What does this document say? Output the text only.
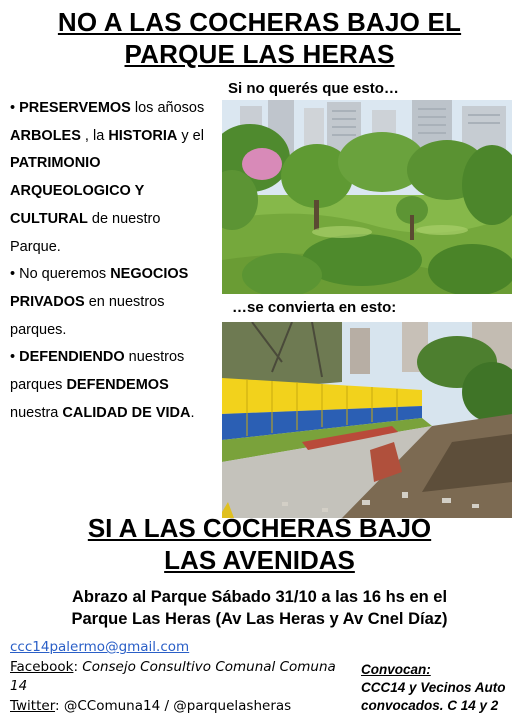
NO A LAS COCHERAS BAJO EL
PARQUE LAS HERAS
Si no querés que esto…
…se convierta en esto:

• PRESERVEMOS los añosos ARBOLES , la HISTORIA y el PATRIMONIO ARQUEOLOGICO Y CULTURAL de nuestro Parque.

• No queremos NEGOCIOS PRIVADOS en nuestros parques.

• DEFENDIENDO nuestros parques DEFENDEMOS nuestra CALIDAD DE VIDA.

SI A LAS COCHERAS BAJO
LAS AVENIDAS
Abrazo al Parque Sábado 31/10 a las 16 hs en el
Parque Las Heras (Av Las Heras y Av Cnel Díaz)
ccc14palermo@gmail.com
Facebook: Consejo Consultivo Comunal Comuna 14
Twitter: @CComuna14 / @parquelasheras
Convocan:
CCC14 y Vecinos Auto
convocados. C 14 y 2
